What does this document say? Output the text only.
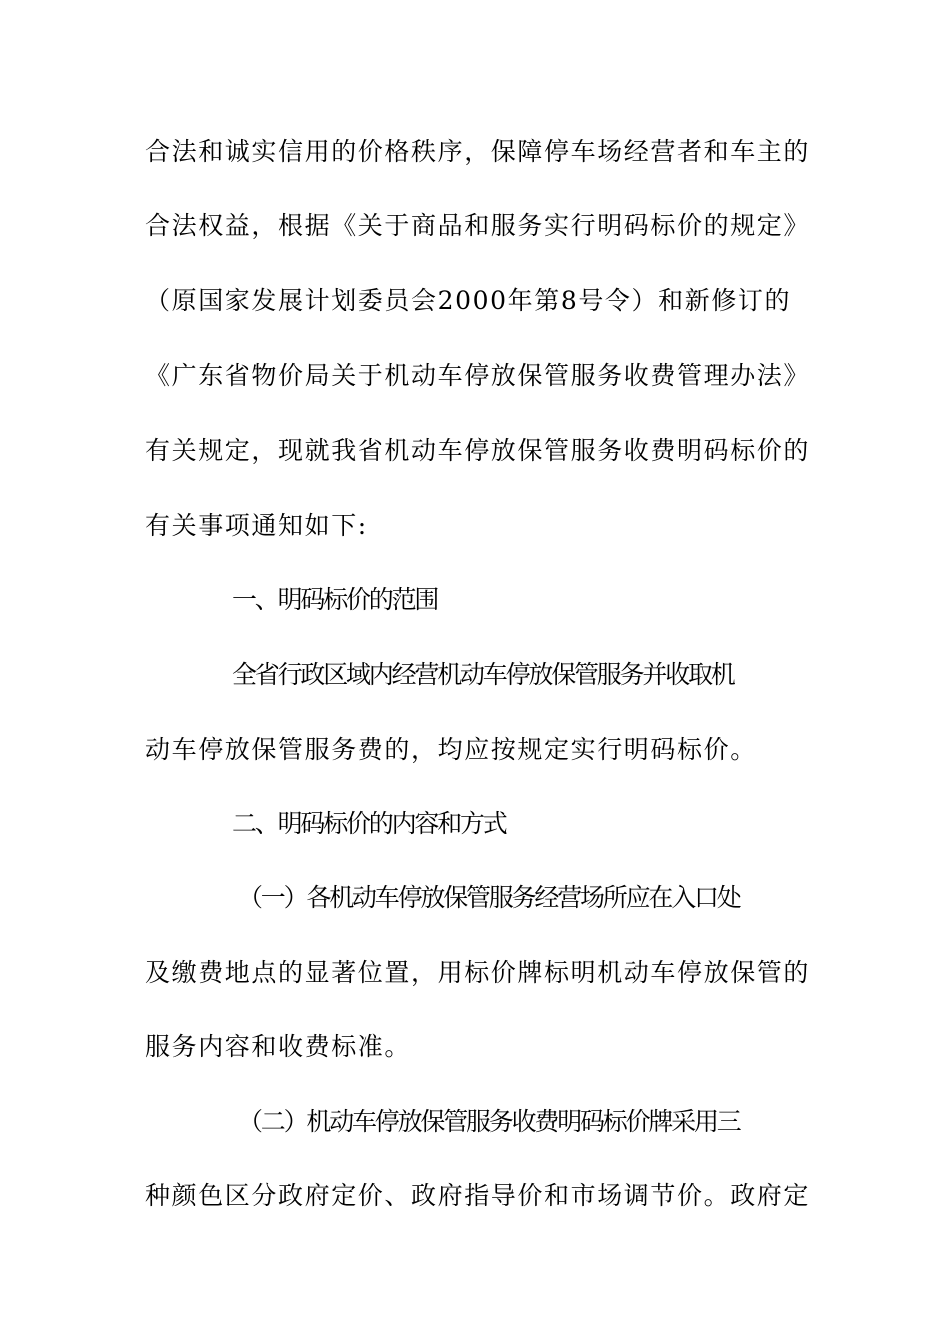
合法和诚实信用的价格秩序，保障停车场经营者和车主的
合法权益，根据《关于商品和服务实行明码标价的规定》
（原国家发展计划委员会2000年第8号令）和新修订的
《广东省物价局关于机动车停放保管服务收费管理办法》
有关规定，现就我省机动车停放保管服务收费明码标价的
有关事项通知如下:
一、明码标价的范围
全省行政区域内经营机动车停放保管服务并收取机
动车停放保管服务费的，均应按规定实行明码标价。
二、明码标价的内容和方式
（一）各机动车停放保管服务经营场所应在入口处
及缴费地点的显著位置，用标价牌标明机动车停放保管的
服务内容和收费标准。
（二）机动车停放保管服务收费明码标价牌采用三
种颜色区分政府定价、政府指导价和市场调节价。政府定
